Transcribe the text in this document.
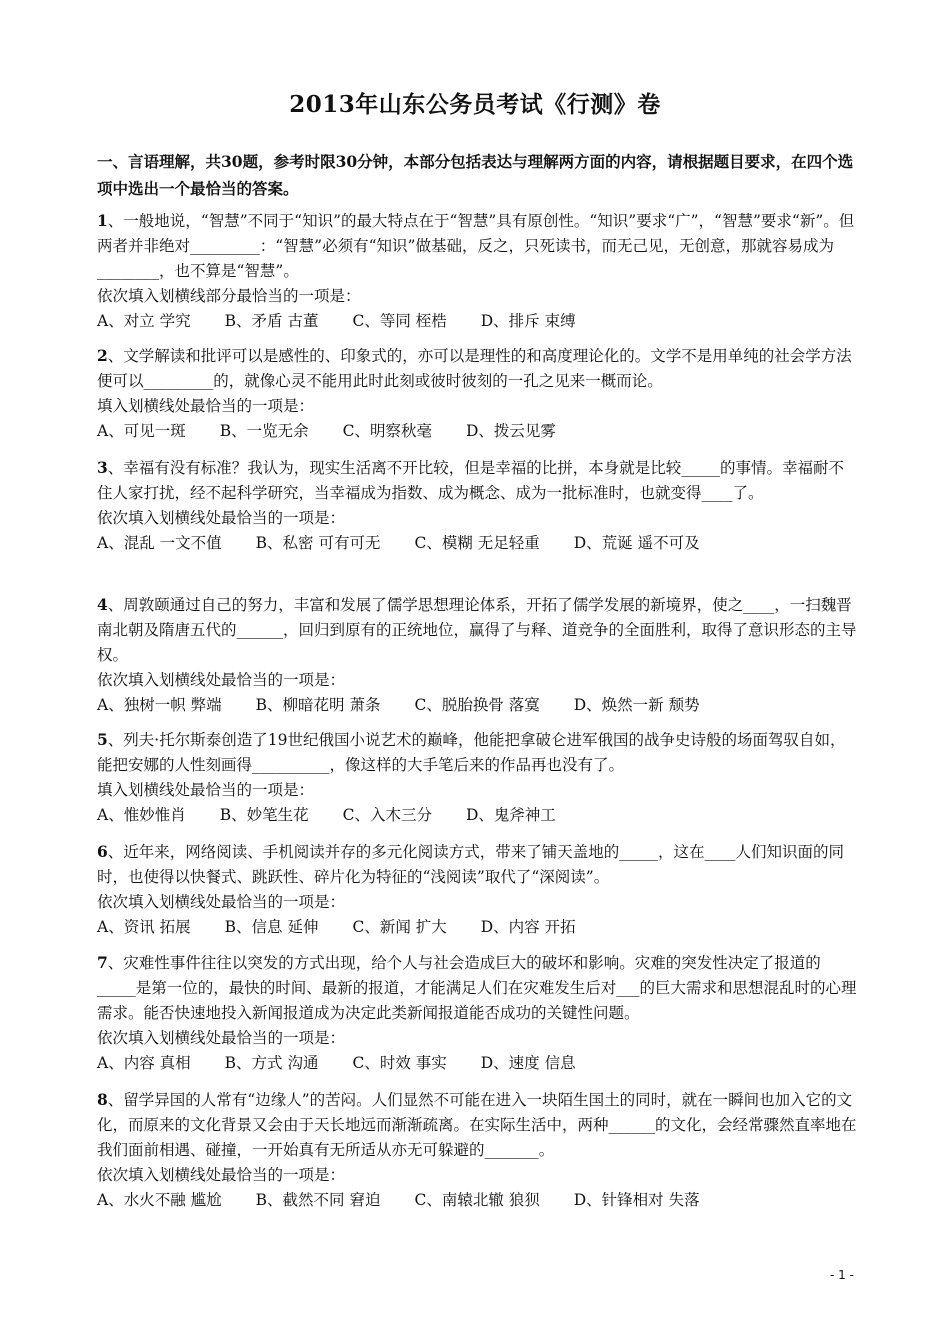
2013年山东公务员考试《行测》卷
一、言语理解，共30题，参考时限30分钟，本部分包括表达与理解两方面的内容，请根据题目要求，在四个选项中选出一个最恰当的答案。
1、一般地说，“智慧”不同于“知识”的最大特点在于“智慧”具有原创性。“知识”要求“广”，“智慧”要求“新”。但两者并非绝对_________：“智慧”必须有“知识”做基础，反之，只死读书，而无己见，无创意，那就容易成为________，也不算是“智慧”。
依次填入划横线部分最恰当的一项是：
A、对立 学究 B、矛盾 古董 C、等同 桎梏 D、排斥 束缚
2、文学解读和批评可以是感性的、印象式的，亦可以是理性的和高度理论化的。文学不是用单纯的社会学方法便可以_________的，就像心灵不能用此时此刻或彼时彼刻的一孔之见来一概而论。
填入划横线处最恰当的一项是：
A、可见一斑 B、一览无余 C、明察秋毫 D、拨云见雾
3、幸福有没有标准？我认为，现实生活离不开比较，但是幸福的比拼，本身就是比较_____的事情。幸福耐不住人家打扰，经不起科学研究，当幸福成为指数、成为概念、成为一批标准时，也就变得____了。
依次填入划横线处最恰当的一项是：
A、混乱 一文不值 B、私密 可有可无 C、模糊 无足轻重 D、荒诞 遥不可及
4、周敦颐通过自己的努力，丰富和发展了儒学思想理论体系，开拓了儒学发展的新境界，使之____，一扫魏晋南北朝及隋唐五代的______，回归到原有的正统地位，赢得了与释、道竞争的全面胜利，取得了意识形态的主导权。
依次填入划横线处最恰当的一项是：
A、独树一帜 弊端 B、柳暗花明 萧条 C、脱胎换骨 落寞 D、焕然一新 颓势
5、列夫·托尔斯泰创造了19世纪俄国小说艺术的巅峰，他能把拿破仑进军俄国的战争史诗般的场面驾驭自如，能把安娜的人性刻画得__________，像这样的大手笔后来的作品再也没有了。
填入划横线处最恰当的一项是：
A、惟妙惟肖 B、妙笔生花 C、入木三分 D、鬼斧神工
6、近年来，网络阅读、手机阅读并存的多元化阅读方式，带来了铺天盖地的_____，这在____人们知识面的同时，也使得以快餐式、跳跃性、碎片化为特征的“浅阅读”取代了“深阅读”。
依次填入划横线处最恰当的一项是：
A、资讯 拓展 B、信息 延伸 C、新闻 扩大 D、内容 开拓
7、灾难性事件往往以突发的方式出现，给个人与社会造成巨大的破坏和影响。灾难的突发性决定了报道的_____是第一位的，最快的时间、最新的报道，才能满足人们在灾难发生后对___的巨大需求和思想混乱时的心理需求。能否快速地投入新闻报道成为决定此类新闻报道能否成功的关键性问题。
依次填入划横线处最恰当的一项是：
A、内容 真相 B、方式 沟通 C、时效 事实 D、速度 信息
8、留学异国的人常有“边缘人”的苦闷。人们显然不可能在进入一块陌生国土的同时，就在一瞬间也加入它的文化，而原来的文化背景又会由于天长地远而渐渐疏离。在实际生活中，两种______的文化，会经常骤然直率地在我们面前相遇、碰撞，一开始真有无所适从亦无可躲避的_______。
依次填入划横线处最恰当的一项是：
A、水火不融 尴尬 B、截然不同 窘迫 C、南辕北辙 狼狈 D、针锋相对 失落
- 1 -
